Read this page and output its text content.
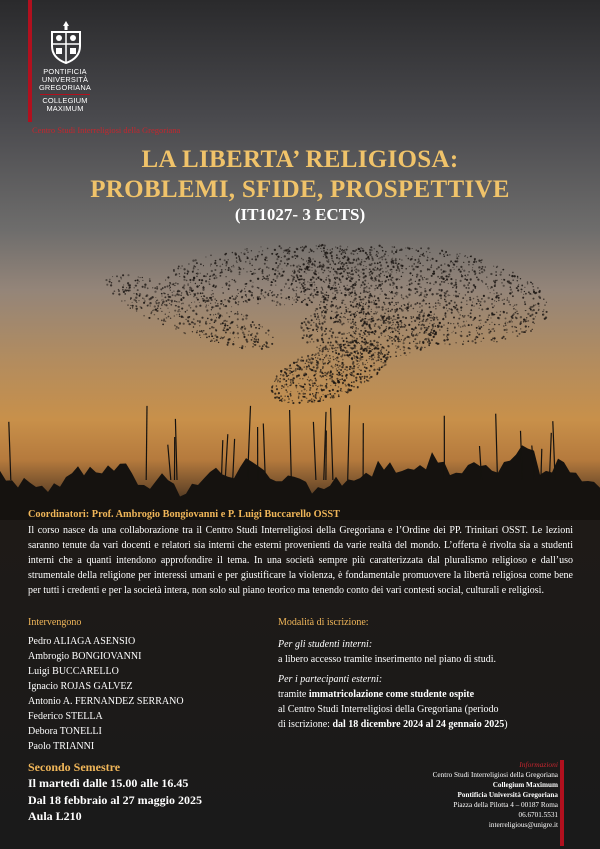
PONTIFICIA
UNIVERSITÀ
GREGORIANA
COLLEGIUM
MAXIMUM
Centro Studi Interreligiosi della Gregoriana
LA LIBERTA’ RELIGIOSA:
PROBLEMI, SFIDE, PROSPETTIVE
(IT1027- 3 ECTS)
Coordinatori: Prof. Ambrogio Bongiovanni e P. Luigi Buccarello OSST
Il corso nasce da una collaborazione tra il Centro Studi Interreligiosi della Gregoriana e l’Ordine dei PP. Trinitari OSST. Le lezioni saranno tenute da vari docenti e relatori sia interni che esterni provenienti da varie realtà del mondo. L’offerta è rivolta sia a studenti interni che a quanti intendono approfondire il tema. In una società sempre più caratterizzata dal pluralismo religioso e dall’uso strumentale della religione per interessi umani e per giustificare la violenza, è fondamentale promuovere la libertà religiosa come bene per tutti i credenti e per la società intera, non solo sul piano teorico ma tenendo conto dei vari contesti social, culturali e religiosi.
Intervengono
Pedro ALIAGA ASENSIO
Ambrogio BONGIOVANNI
Luigi BUCCARELLO
Ignacio ROJAS GALVEZ
Antonio A. FERNANDEZ SERRANO
Federico STELLA
Debora TONELLI
Paolo TRIANNI
Modalità di iscrizione:
Per gli studenti interni:
a libero accesso tramite inserimento nel piano di studi.
Per i partecipanti esterni:
tramite immatricolazione come studente ospite
al Centro Studi Interreligiosi della Gregoriana (periodo
di iscrizione: dal 18 dicembre 2024 al 24 gennaio 2025)
Secondo Semestre
Il martedì dalle 15.00 alle 16.45
Dal 18 febbraio al 27 maggio 2025
Aula L210
Informazioni
Centro Studi Interreligiosi della Gregoriana
Collegium Maximum
Pontificia Università Gregoriana
Piazza della Pilotta 4 – 00187 Roma
06.6701.5531
interreligious@unigre.it
